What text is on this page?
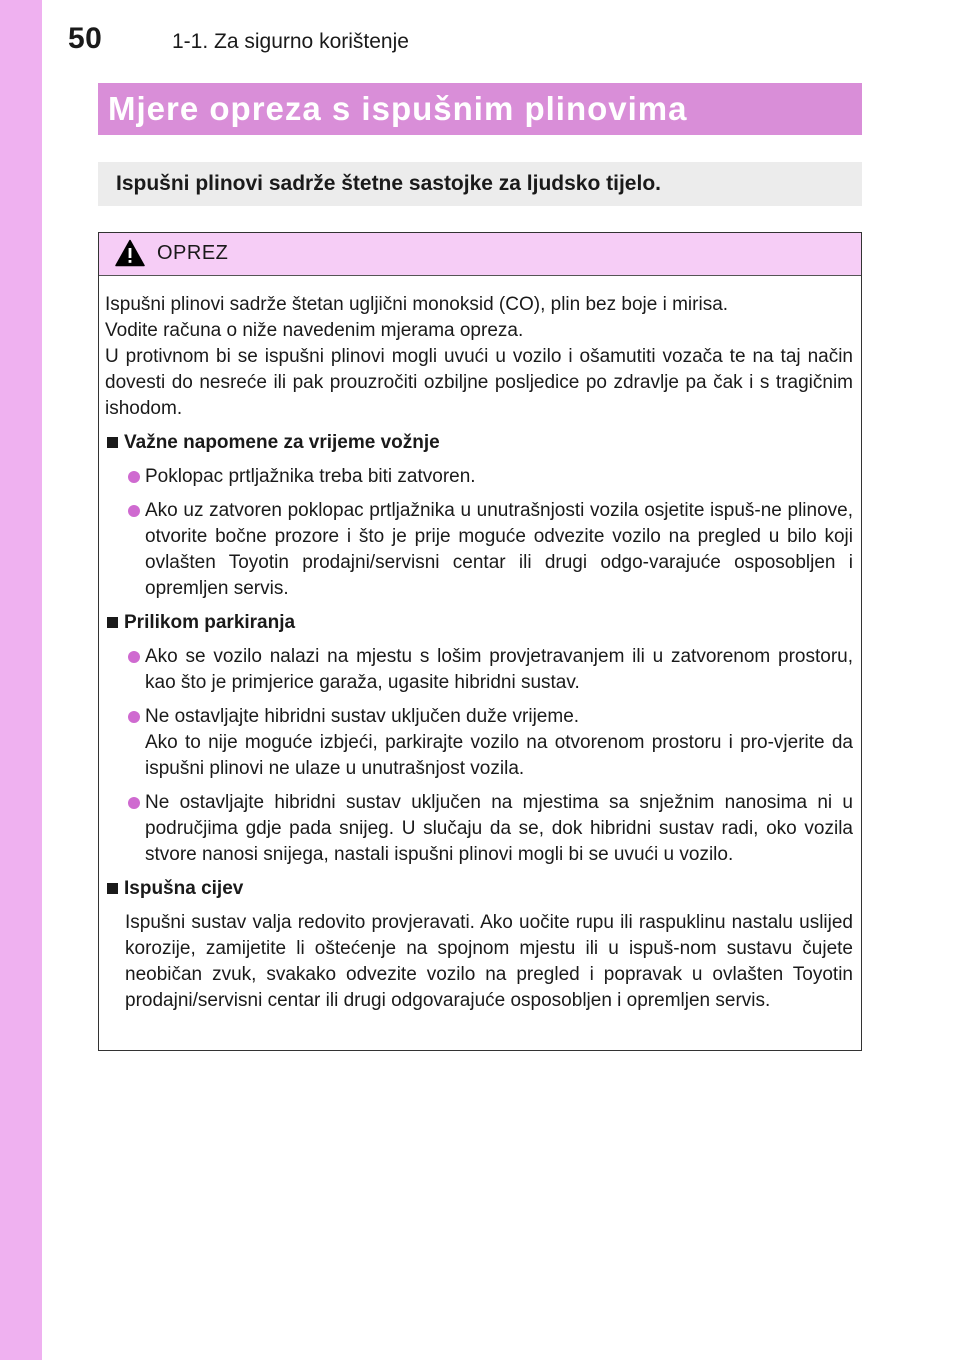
50	1-1. Za sigurno korištenje
Mjere opreza s ispušnim plinovima
Ispušni plinovi sadrže štetne sastojke za ljudsko tijelo.
OPREZ

Ispušni plinovi sadrže štetan ugljični monoksid (CO), plin bez boje i mirisa.

Vodite računa o niže navedenim mjerama opreza.

U protivnom bi se ispušni plinovi mogli uvući u vozilo i ošamutiti vozača te na taj način dovesti do nesreće ili pak prouzročiti ozbiljne posljedice po zdravlje pa čak i s tragičnim ishodom.

Važne napomene za vrijeme vožnje

Poklopac prtljažnika treba biti zatvoren.

Ako uz zatvoren poklopac prtljažnika u unutrašnjosti vozila osjetite ispuš-ne plinove, otvorite bočne prozore i što je prije moguće odvezite vozilo na pregled u bilo koji ovlašten Toyotin prodajni/servisni centar ili drugi odgo-varajuće osposobljen i opremljen servis.

Prilikom parkiranja

Ako se vozilo nalazi na mjestu s lošim provjetravanjem ili u zatvorenom prostoru, kao što je primjerice garaža, ugasite hibridni sustav.

Ne ostavljajte hibridni sustav uključen duže vrijeme.

Ako to nije moguće izbjeći, parkirajte vozilo na otvorenom prostoru i pro-vjerite da ispušni plinovi ne ulaze u unutrašnjost vozila.

Ne ostavljajte hibridni sustav uključen na mjestima sa snježnim nanosima ni u područjima gdje pada snijeg. U slučaju da se, dok hibridni sustav radi, oko vozila stvore nanosi snijega, nastali ispušni plinovi mogli bi se uvući u vozilo.

Ispušna cijev

Ispušni sustav valja redovito provjeravati. Ako uočite rupu ili raspuklinu nastalu uslijed korozije, zamijetite li oštećenje na spojnom mjestu ili u ispuš-nom sustavu čujete neobičan zvuk, svakako odvezite vozilo na pregled i popravak u ovlašten Toyotin prodajni/servisni centar ili drugi odgovarajuće osposobljen i opremljen servis.
